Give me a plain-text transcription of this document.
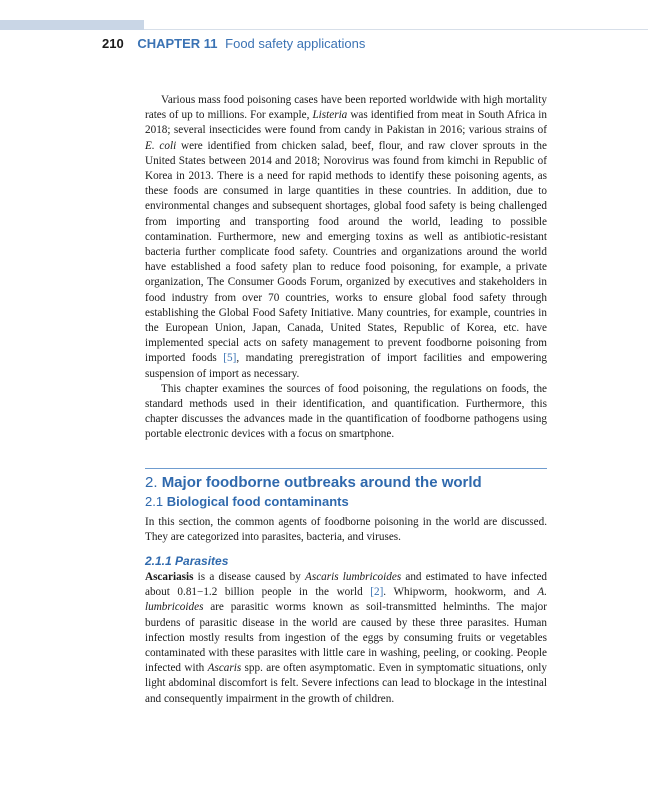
210 CHAPTER 11 Food safety applications

Various mass food poisoning cases have been reported worldwide with high mortality rates of up to millions. For example, Listeria was identified from meat in South Africa in 2018; several insecticides were found from candy in Pakistan in 2016; various strains of E. coli were identified from chicken salad, beef, flour, and raw clover sprouts in the United States between 2014 and 2018; Norovirus was found from kimchi in Republic of Korea in 2013. There is a need for rapid methods to identify these poisoning agents, as these foods are consumed in large quantities in these countries. In addition, due to environmental changes and subsequent shortages, global food safety is being challenged from importing and transporting food around the world, leading to possible contamination. Furthermore, new and emerging toxins as well as antibiotic-resistant bacteria further complicate food safety. Countries and organizations around the world have established a food safety plan to reduce food poisoning, for example, a private organization, The Consumer Goods Forum, organized by executives and stakeholders in food industry from over 70 countries, works to ensure global food safety through establishing the Global Food Safety Initiative. Many countries, for example, countries in the European Union, Japan, Canada, United States, Republic of Korea, etc. have implemented special acts on safety management to prevent foodborne poisoning from imported foods [5], mandating preregistration of import facilities and empowering suspension of import as necessary.

This chapter examines the sources of food poisoning, the regulations on foods, the standard methods used in their identification, and quantification. Furthermore, this chapter discusses the advances made in the quantification of foodborne pathogens using portable electronic devices with a focus on smartphone.

2. Major foodborne outbreaks around the world
2.1 Biological food contaminants

In this section, the common agents of foodborne poisoning in the world are discussed. They are categorized into parasites, bacteria, and viruses.

2.1.1 Parasites

Ascariasis is a disease caused by Ascaris lumbricoides and estimated to have infected about 0.81−1.2 billion people in the world [2]. Whipworm, hookworm, and A. lumbricoides are parasitic worms known as soil-transmitted helminths. The major burdens of parasitic disease in the world are caused by these three parasites. Human infection mostly results from ingestion of the eggs by consuming fruits or vegetables contaminated with these parasites with little care in washing, peeling, or cooking. People infected with Ascaris spp. are often asymptomatic. Even in symptomatic situations, only light abdominal discomfort is felt. Severe infections can lead to blockage in the intestinal and consequently impairment in the growth of children.
